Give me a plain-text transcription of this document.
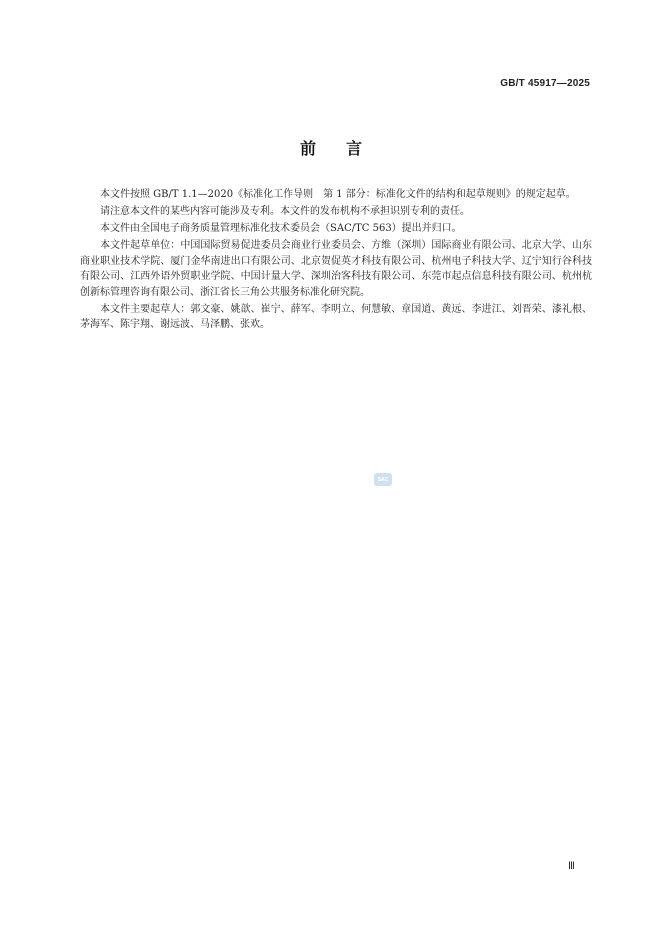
GB/T 45917—2025
前言

本文件按照 GB/T 1.1—2020《标准化工作导则　第 1 部分：标准化文件的结构和起草规则》的规定起草。

请注意本文件的某些内容可能涉及专利。本文件的发布机构不承担识别专利的责任。

本文件由全国电子商务质量管理标准化技术委员会（SAC/TC 563）提出并归口。

本文件起草单位：中国国际贸易促进委员会商业行业委员会、方维（深圳）国际商业有限公司、北京大学、山东商业职业技术学院、厦门金华南进出口有限公司、北京贺促英才科技有限公司、杭州电子科技大学、辽宁知行谷科技有限公司、江西外语外贸职业学院、中国计量大学、深圳治客科技有限公司、东莞市起点信息科技有限公司、杭州杭创新标管理咨询有限公司、浙江省长三角公共服务标准化研究院。

本文件主要起草人：郭文豪、姚歆、崔宁、薛军、李明立、何慧敏、章国道、黄远、李进江、刘晋荣、漆礼根、茅海军、陈宇翔、谢远波、马泽鹏、张欢。

SAC
Ⅲ
